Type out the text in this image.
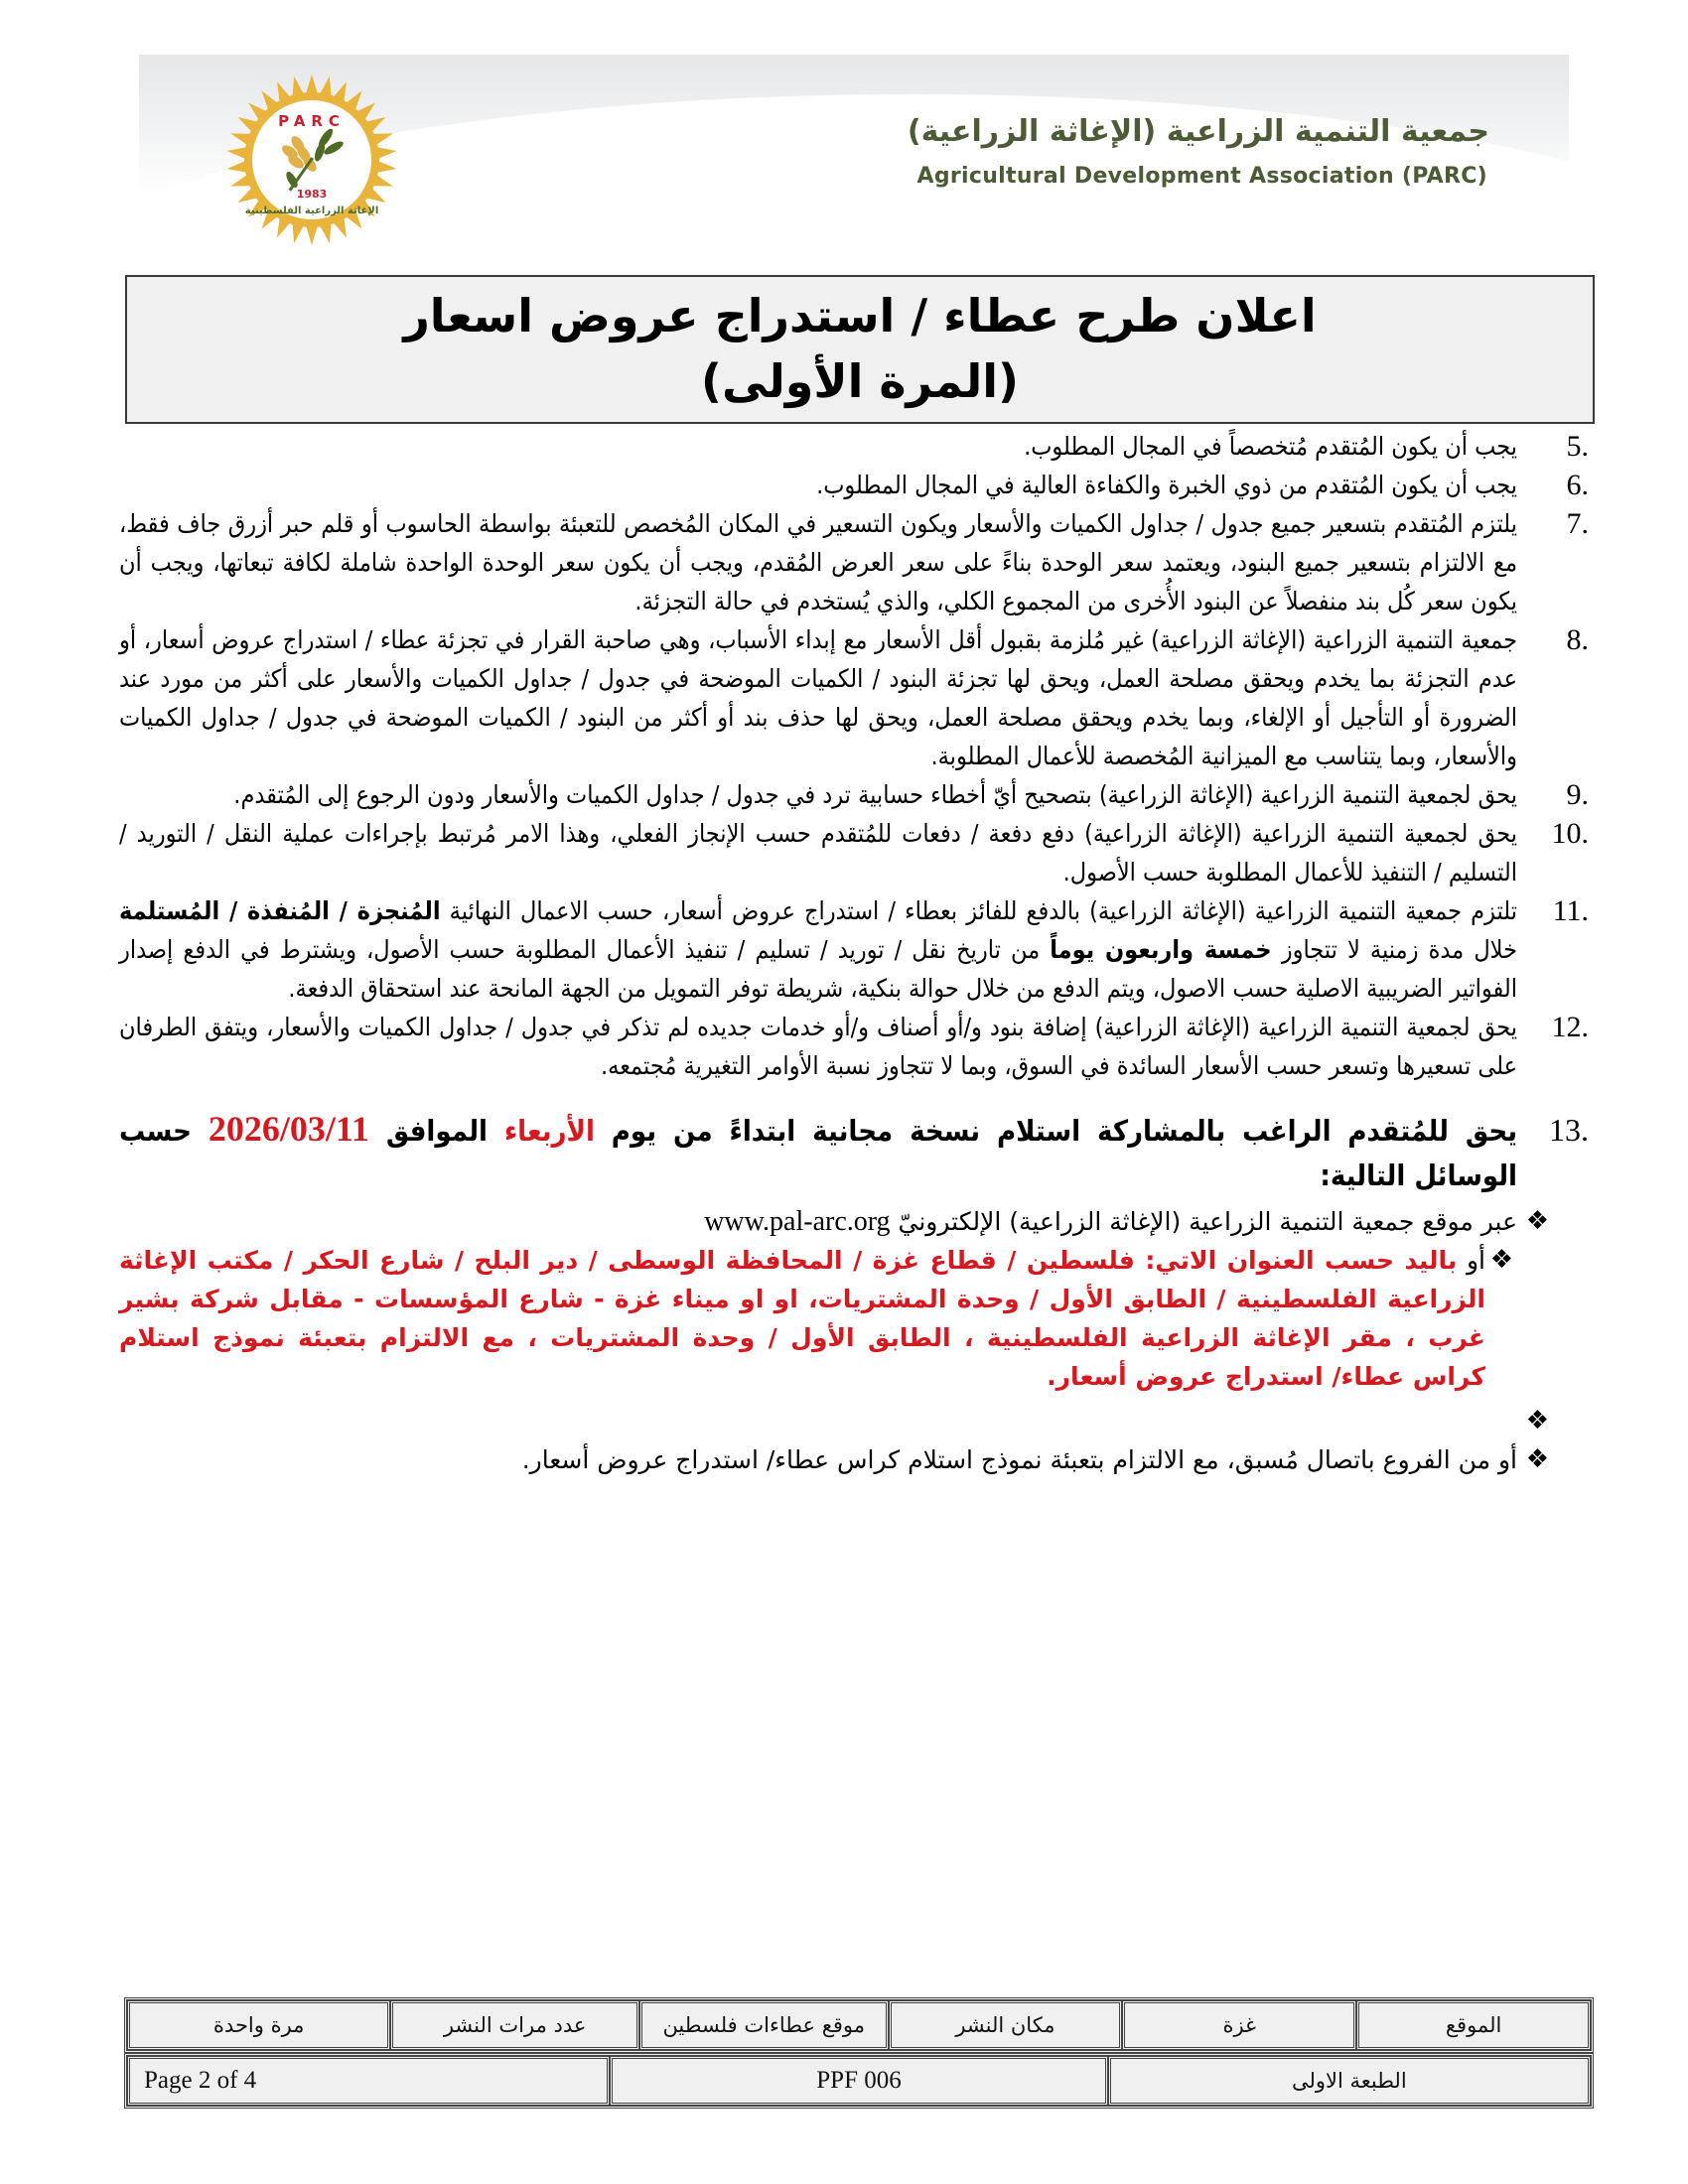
PARC
1983
الإغاثة الزراعية الفلسطينية
جمعية التنمية الزراعية (الإغاثة الزراعية)
Agricultural Development Association (PARC)
اعلان طرح عطاء / استدراج عروض اسعار
(المرة الأولى)
5.
يجب أن يكون المُتقدم مُتخصصاً في المجال المطلوب.
6.
يجب أن يكون المُتقدم من ذوي الخبرة والكفاءة العالية في المجال المطلوب.
7.
يلتزم المُتقدم بتسعير جميع جدول / جداول الكميات والأسعار ويكون التسعير في المكان المُخصص للتعبئة بواسطة الحاسوب أو قلم حبر أزرق جاف فقط، مع الالتزام بتسعير جميع البنود، ويعتمد سعر الوحدة بناءً على سعر العرض المُقدم، ويجب أن يكون سعر الوحدة الواحدة شاملة لكافة تبعاتها، ويجب أن يكون سعر كُل بند منفصلاً عن البنود الأُخرى من المجموع الكلي، والذي يُستخدم في حالة التجزئة.
8.
جمعية التنمية الزراعية (الإغاثة الزراعية) غير مُلزمة بقبول أقل الأسعار مع إبداء الأسباب، وهي صاحبة القرار في تجزئة عطاء / استدراج عروض أسعار، أو عدم التجزئة بما يخدم ويحقق مصلحة العمل، ويحق لها تجزئة البنود / الكميات الموضحة في جدول / جداول الكميات والأسعار على أكثر من مورد عند الضرورة أو التأجيل أو الإلغاء، وبما يخدم ويحقق مصلحة العمل، ويحق لها حذف بند أو أكثر من البنود / الكميات الموضحة في جدول / جداول الكميات والأسعار، وبما يتناسب مع الميزانية المُخصصة للأعمال المطلوبة.
9.
يحق لجمعية التنمية الزراعية (الإغاثة الزراعية) بتصحيح أيّ أخطاء حسابية ترد في جدول / جداول الكميات والأسعار ودون الرجوع إلى المُتقدم.
10.
يحق لجمعية التنمية الزراعية (الإغاثة الزراعية) دفع دفعة / دفعات للمُتقدم حسب الإنجاز الفعلي، وهذا الامر مُرتبط بإجراءات عملية النقل / التوريد / التسليم / التنفيذ للأعمال المطلوبة حسب الأصول.
11.
تلتزم جمعية التنمية الزراعية (الإغاثة الزراعية) بالدفع للفائز بعطاء / استدراج عروض أسعار، حسب الاعمال النهائية المُنجزة / المُنفذة / المُستلمة خلال مدة زمنية لا تتجاوز خمسة واربعون يوماً من تاريخ نقل / توريد / تسليم / تنفيذ الأعمال المطلوبة حسب الأصول، ويشترط في الدفع إصدار الفواتير الضريبية الاصلية حسب الاصول، ويتم الدفع من خلال حوالة بنكية، شريطة توفر التمويل من الجهة المانحة عند استحقاق الدفعة.
12.
يحق لجمعية التنمية الزراعية (الإغاثة الزراعية) إضافة بنود و/أو أصناف و/أو خدمات جديده لم تذكر في جدول / جداول الكميات والأسعار، ويتفق الطرفان على تسعيرها وتسعر حسب الأسعار السائدة في السوق، وبما لا تتجاوز نسبة الأوامر التغيرية مُجتمعه.
13.
يحق للمُتقدم الراغب بالمشاركة استلام نسخة مجانية ابتداءً من يوم الأربعاء الموافق 2026/03/11 حسب الوسائل التالية:
❖
عبر موقع جمعية التنمية الزراعية (الإغاثة الزراعية) الإلكترونيّ www.pal-arc.org
❖
أو باليد حسب العنوان الاتي: فلسطين / قطاع غزة / المحافظة الوسطى / دير البلح / شارع الحكر / مكتب الإغاثة الزراعية الفلسطينية / الطابق الأول / وحدة المشتريات، او او ميناء غزة - شارع المؤسسات - مقابل شركة بشير غرب ، مقر الإغاثة الزراعية الفلسطينية ، الطابق الأول / وحدة المشتريات ، مع الالتزام بتعبئة نموذج استلام كراس عطاء/ استدراج عروض أسعار.
❖
❖
أو من الفروع باتصال مُسبق، مع الالتزام بتعبئة نموذج استلام كراس عطاء/ استدراج عروض أسعار.
الموقع	غزة	مكان النشر	موقع عطاءات فلسطين	عدد مرات النشر	مرة واحدة
الطبعة الاولى	PPF 006	Page 2 of 4
